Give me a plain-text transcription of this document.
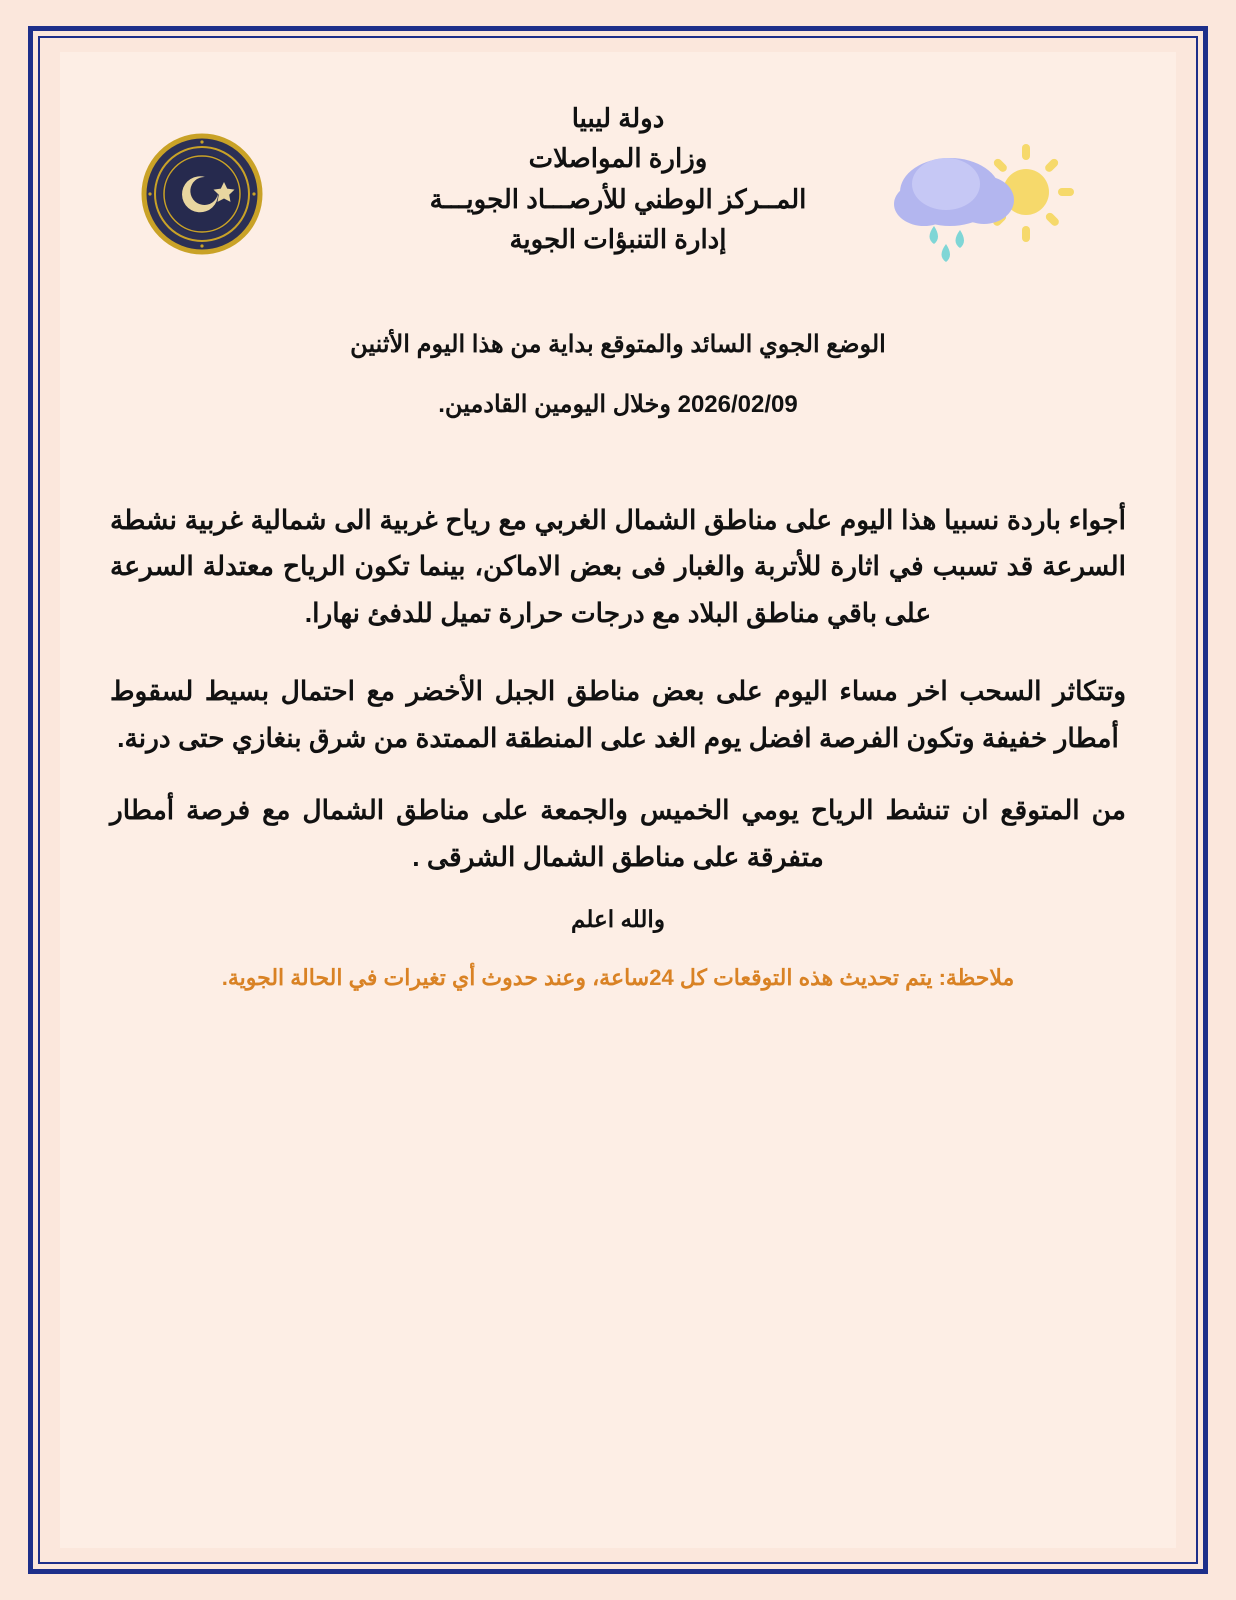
دولة ليبيا
وزارة المواصلات
المــركز الوطني للأرصـــاد الجويـــة
إدارة التنبؤات الجوية
الوضع الجوي السائد والمتوقع بداية من هذا اليوم الأثنين
2026/02/09 وخلال اليومين القادمين.

أجواء باردة نسبيا هذا اليوم على مناطق الشمال الغربي مع رياح غربية الى شمالية غربية نشطة السرعة قد تسبب في اثارة للأتربة والغبار فى بعض الاماكن، بينما تكون الرياح معتدلة السرعة على باقي مناطق البلاد مع درجات حرارة تميل للدفئ نهارا.

وتتكاثر السحب اخر مساء اليوم على بعض مناطق الجبل الأخضر مع احتمال بسيط لسقوط أمطار خفيفة وتكون الفرصة افضل يوم الغد على المنطقة الممتدة من شرق بنغازي حتى درنة.

من المتوقع ان تنشط الرياح يومي الخميس والجمعة على مناطق الشمال مع فرصة أمطار متفرقة على مناطق الشمال الشرقى .

والله اعلم
ملاحظة: يتم تحديث هذه التوقعات كل 24ساعة، وعند حدوث أي تغيرات في الحالة الجوية.
